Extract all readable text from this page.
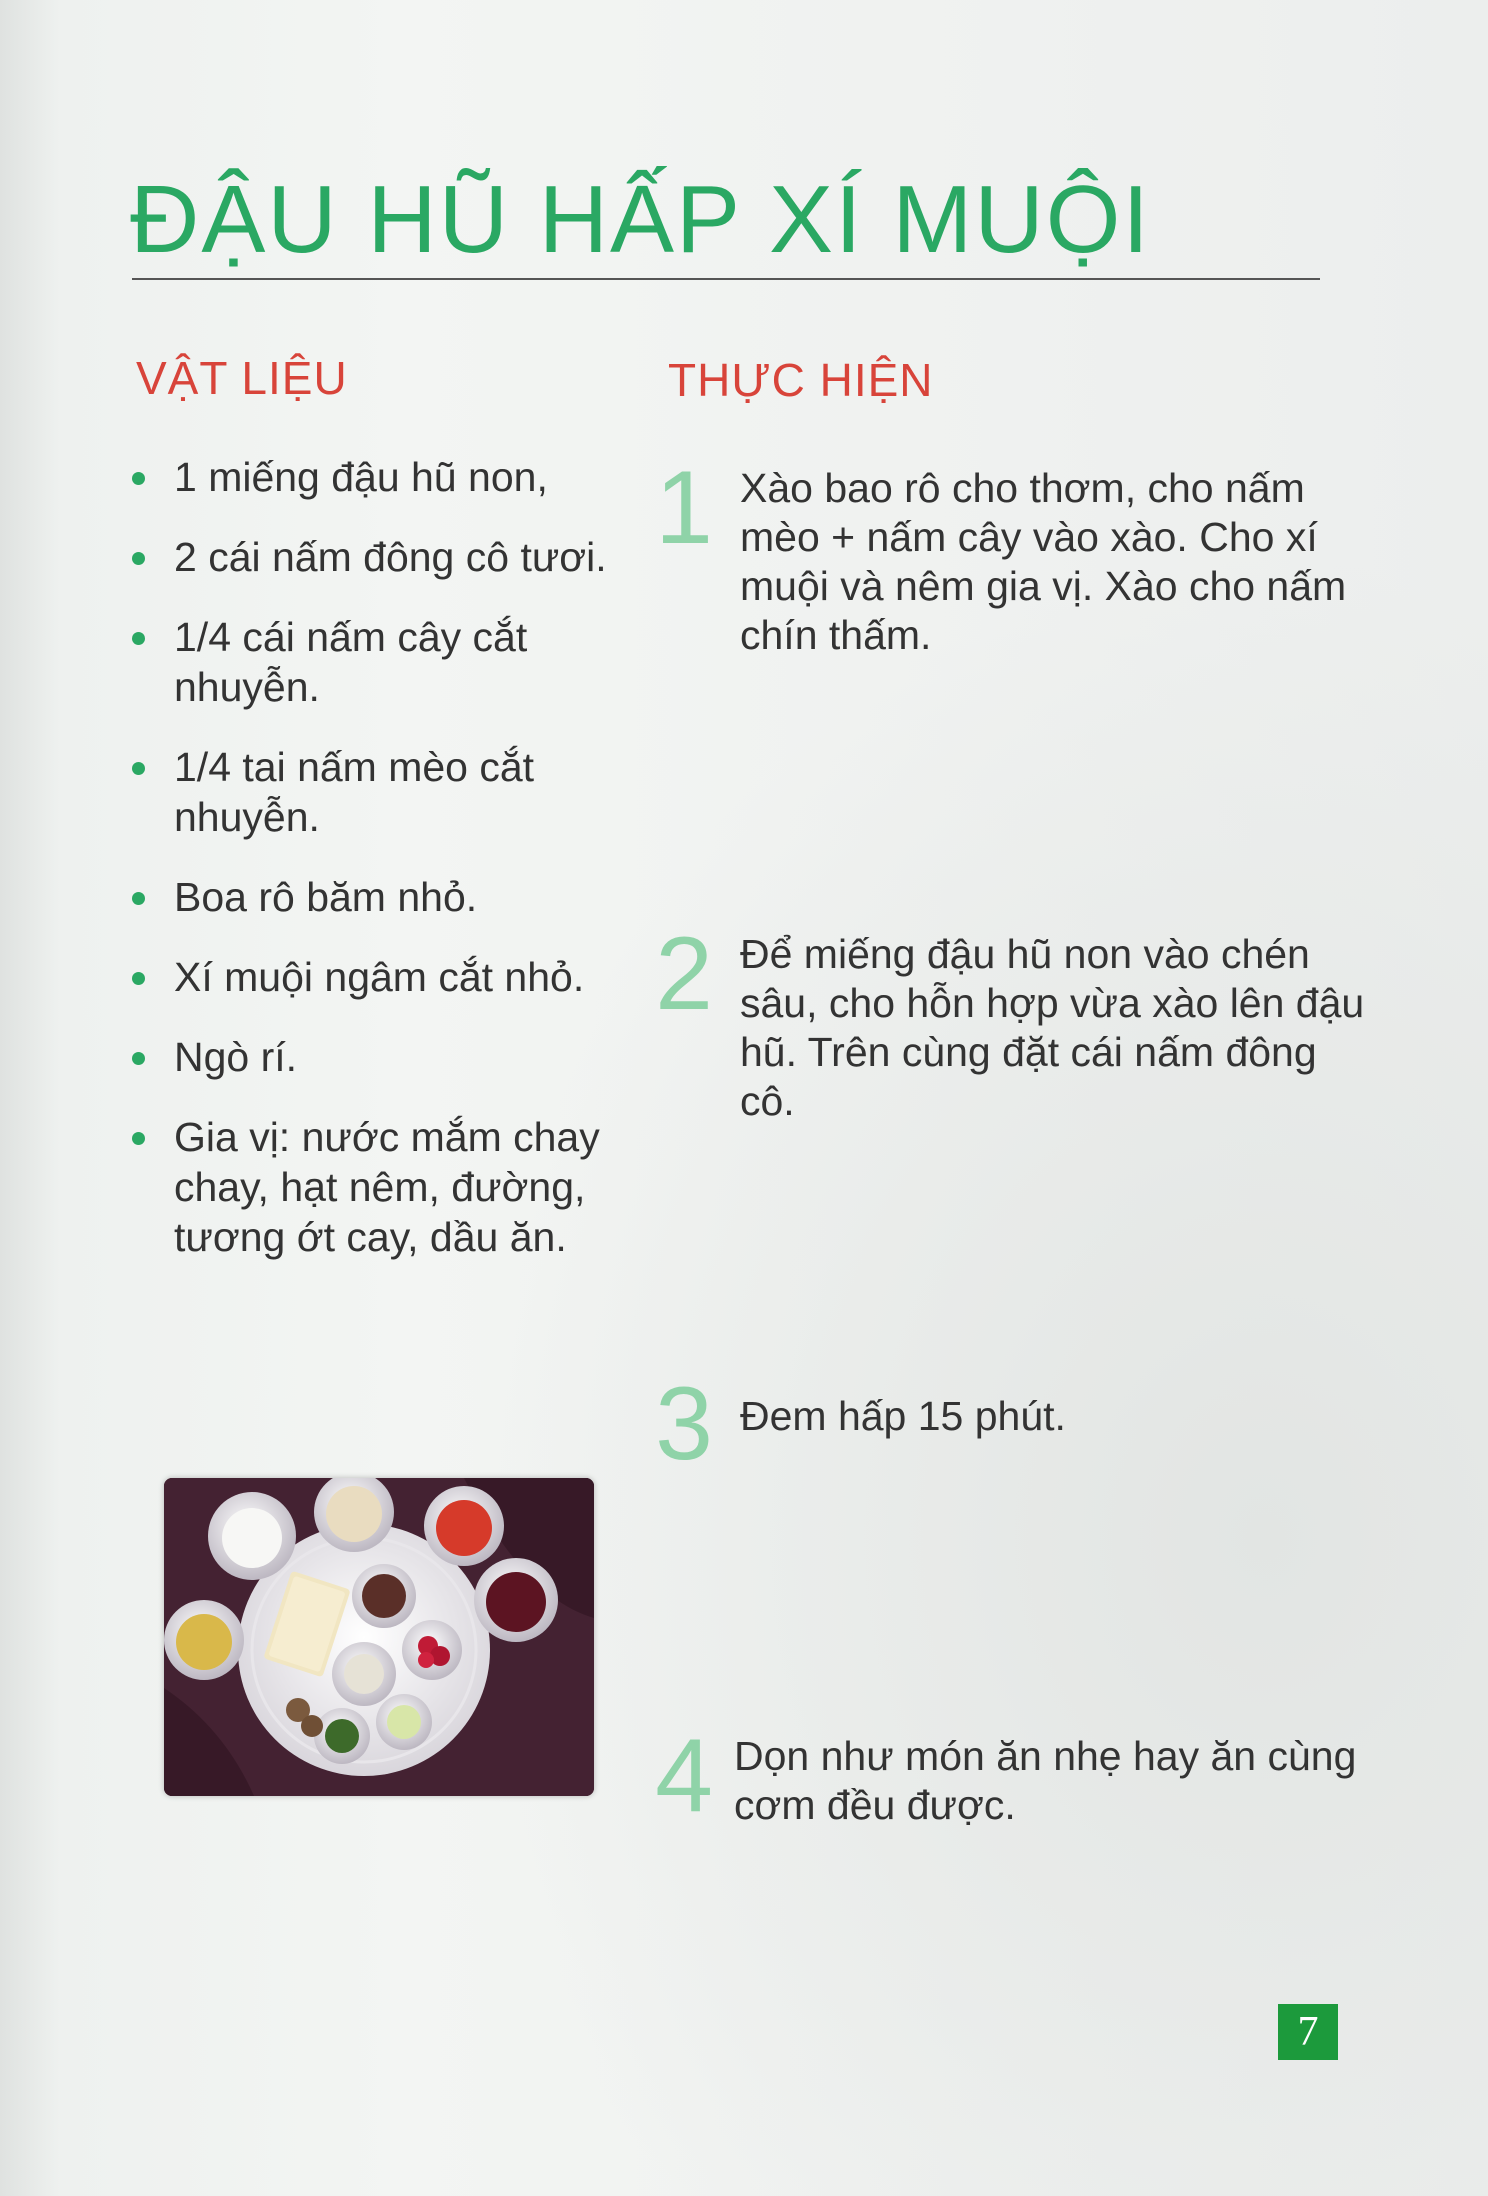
ĐẬU HŨ HẤP XÍ MUỘI
VẬT LIỆU	THỰC HIỆN
1 miếng đậu hũ non,
2 cái nấm đông cô tươi.
1/4 cái nấm cây cắt nhuyễn.
1/4 tai nấm mèo cắt nhuyễn.
Boa rô băm nhỏ.
Xí muội ngâm cắt nhỏ.
Ngò rí.
Gia vị: nước mắm chay chay, hạt nêm, đường, tương ớt cay, dầu ăn.
1 Xào bao rô cho thơm, cho nấm mèo + nấm cây vào xào. Cho xí muội và nêm gia vị. Xào cho nấm chín thấm.
2 Để miếng đậu hũ non vào chén sâu, cho hỗn hợp vừa xào lên đậu hũ. Trên cùng đặt cái nấm đông cô.
3 Đem hấp 15 phút.
4 Dọn như món ăn nhẹ hay ăn cùng cơm đều được.
7
